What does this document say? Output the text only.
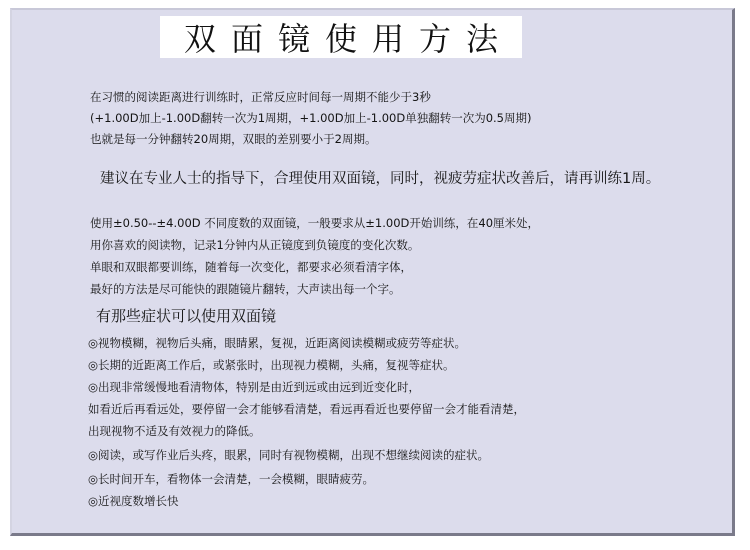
双面镜使用方法
在习惯的阅读距离进行训练时，正常反应时间每一周期不能少于3秒
(+1.00D加上-1.00D翻转一次为1周期，+1.00D加上-1.00D单独翻转一次为0.5周期)
也就是每一分钟翻转20周期，双眼的差别要小于2周期。
建议在专业人士的指导下，合理使用双面镜，同时，视疲劳症状改善后，请再训练1周。
使用±0.50--±4.00D 不同度数的双面镜，一般要求从±1.00D开始训练，在40厘米处，
用你喜欢的阅读物，记录1分钟内从正镜度到负镜度的变化次数。
单眼和双眼都要训练，随着每一次变化，都要求必须看清字体，
最好的方法是尽可能快的跟随镜片翻转，大声读出每一个字。
有那些症状可以使用双面镜
◎视物模糊，视物后头痛，眼睛累，复视，近距离阅读模糊或疲劳等症状。
◎长期的近距离工作后，或紧张时，出现视力模糊，头痛，复视等症状。
◎出现非常缓慢地看清物体，特别是由近到远或由远到近变化时，
如看近后再看远处，要停留一会才能够看清楚，看远再看近也要停留一会才能看清楚，
出现视物不适及有效视力的降低。
◎阅读，或写作业后头疼，眼累，同时有视物模糊，出现不想继续阅读的症状。
◎长时间开车，看物体一会清楚，一会模糊，眼睛疲劳。
◎近视度数增长快
